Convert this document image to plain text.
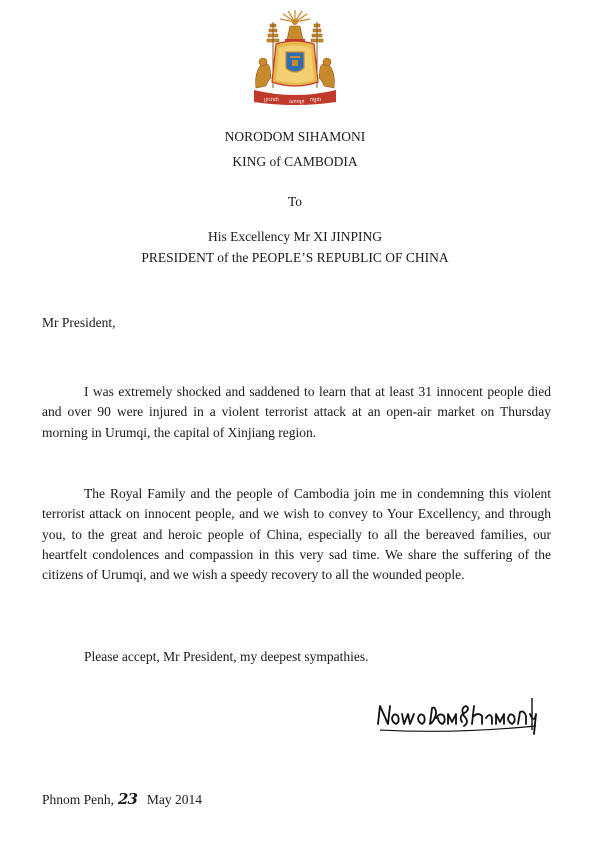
ព្រះរាជា ណាចក្រ កម្ពុជា

NORODOM SIHAMONI

KING of CAMBODIA

To

His Excellency Mr XI JINPING

PRESIDENT of the PEOPLE’S REPUBLIC OF CHINA

Mr President,

I was extremely shocked and saddened to learn that at least 31 innocent people died and over 90 were injured in a violent terrorist attack at an open-air market on Thursday morning in Urumqi, the capital of Xinjiang region.

The Royal Family and the people of Cambodia join me in condemning this violent terrorist attack on innocent people, and we wish to convey to Your Excellency, and through you, to the great and heroic people of China, especially to all the bereaved families, our heartfelt condolences and compassion in this very sad time. We share the suffering of the citizens of Urumqi, and we wish a speedy recovery to all the wounded people.

Please accept, Mr President, my deepest sympathies.

Phnom Penh, 23 May 2014
